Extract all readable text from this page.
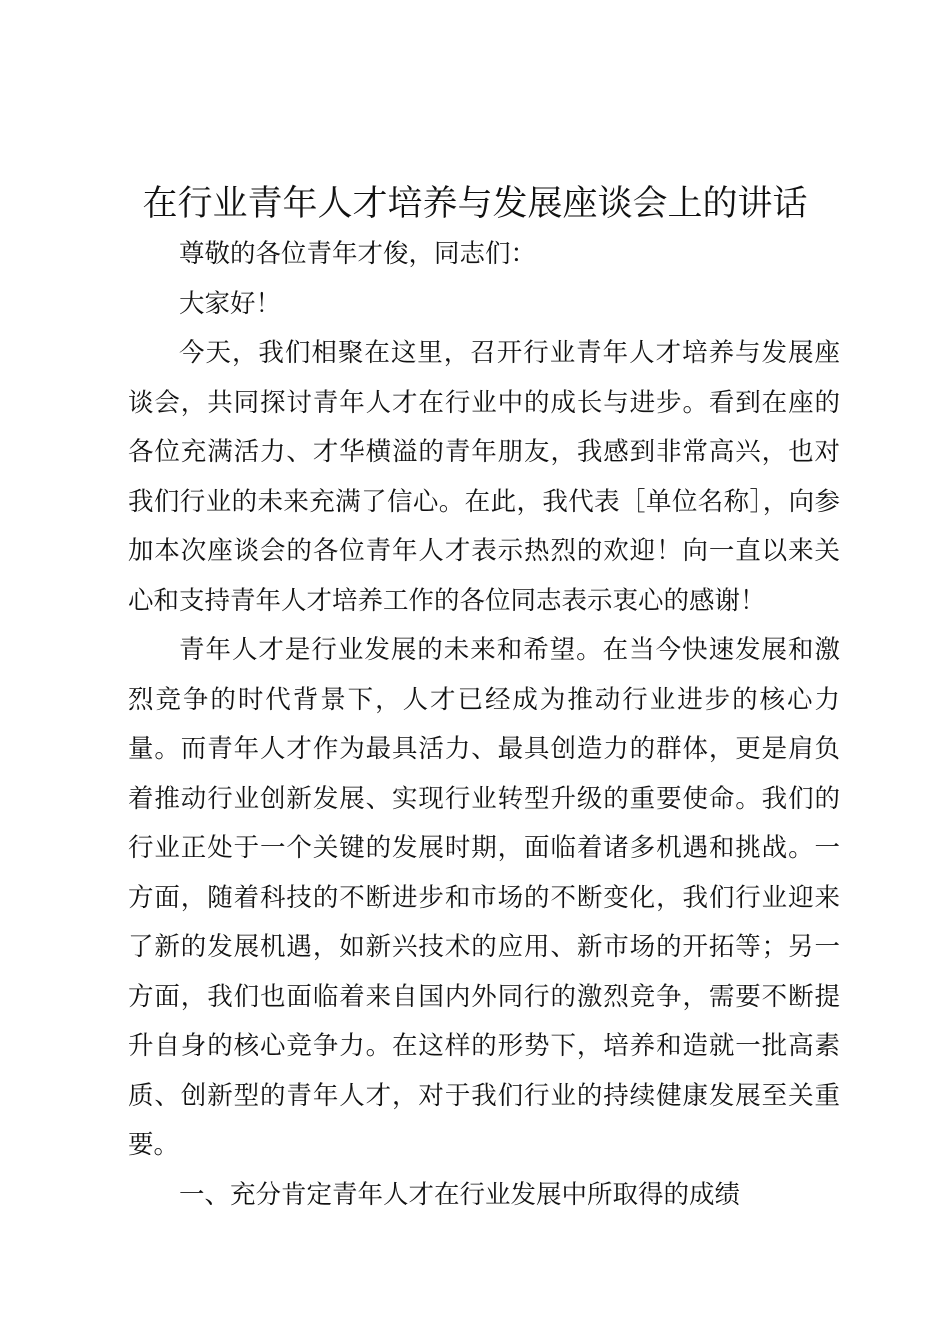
在行业青年人才培养与发展座谈会上的讲话

尊敬的各位青年才俊，同志们：

大家好！

今天，我们相聚在这里，召开行业青年人才培养与发展座谈会，共同探讨青年人才在行业中的成长与进步。看到在座的各位充满活力、才华横溢的青年朋友，我感到非常高兴，也对我们行业的未来充满了信心。在此，我代表［单位名称］，向参加本次座谈会的各位青年人才表示热烈的欢迎！向一直以来关心和支持青年人才培养工作的各位同志表示衷心的感谢！

青年人才是行业发展的未来和希望。在当今快速发展和激烈竞争的时代背景下，人才已经成为推动行业进步的核心力量。而青年人才作为最具活力、最具创造力的群体，更是肩负着推动行业创新发展、实现行业转型升级的重要使命。我们的行业正处于一个关键的发展时期，面临着诸多机遇和挑战。一方面，随着科技的不断进步和市场的不断变化，我们行业迎来了新的发展机遇，如新兴技术的应用、新市场的开拓等；另一方面，我们也面临着来自国内外同行的激烈竞争，需要不断提升自身的核心竞争力。在这样的形势下，培养和造就一批高素质、创新型的青年人才，对于我们行业的持续健康发展至关重要。

一、充分肯定青年人才在行业发展中所取得的成绩
